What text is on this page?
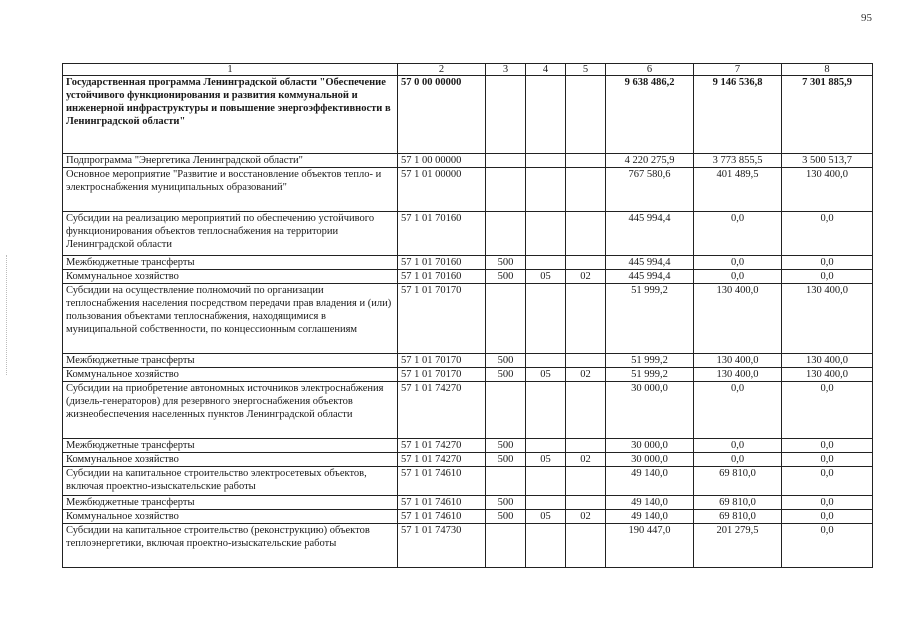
95
1	2	3	4	5	6	7	8
Государственная программа Ленинградской области "Обеспечение устойчивого функционирования и развития коммунальной и инженерной инфраструктуры и повышение энергоэффективности в Ленинградской области"	57 0 00 00000				9 638 486,2	9 146 536,8	7 301 885,9
Подпрограмма "Энергетика Ленинградской области"	57 1 00 00000				4 220 275,9	3 773 855,5	3 500 513,7
Основное мероприятие "Развитие и восстановление объектов тепло- и электроснабжения муниципальных образований"	57 1 01 00000				767 580,6	401 489,5	130 400,0
Субсидии на реализацию мероприятий по обеспечению устойчивого функционирования объектов теплоснабжения на территории Ленинградской области	57 1 01 70160				445 994,4	0,0	0,0
Межбюджетные трансферты	57 1 01 70160	500			445 994,4	0,0	0,0
Коммунальное хозяйство	57 1 01 70160	500	05	02	445 994,4	0,0	0,0
Субсидии на осуществление полномочий по организации теплоснабжения населения посредством передачи прав владения и (или) пользования объектами теплоснабжения, находящимися в муниципальной собственности, по концессионным соглашениям	57 1 01 70170				51 999,2	130 400,0	130 400,0
Межбюджетные трансферты	57 1 01 70170	500			51 999,2	130 400,0	130 400,0
Коммунальное хозяйство	57 1 01 70170	500	05	02	51 999,2	130 400,0	130 400,0
Субсидии на приобретение автономных источников электроснабжения (дизель-генераторов) для резервного энергоснабжения объектов жизнеобеспечения населенных пунктов Ленинградской области	57 1 01 74270				30 000,0	0,0	0,0
Межбюджетные трансферты	57 1 01 74270	500			30 000,0	0,0	0,0
Коммунальное хозяйство	57 1 01 74270	500	05	02	30 000,0	0,0	0,0
Субсидии на капитальное строительство электросетевых объектов, включая проектно-изыскательские работы	57 1 01 74610				49 140,0	69 810,0	0,0
Межбюджетные трансферты	57 1 01 74610	500			49 140,0	69 810,0	0,0
Коммунальное хозяйство	57 1 01 74610	500	05	02	49 140,0	69 810,0	0,0
Субсидии на капитальное строительство (реконструкцию) объектов теплоэнергетики, включая проектно-изыскательские работы	57 1 01 74730				190 447,0	201 279,5	0,0
